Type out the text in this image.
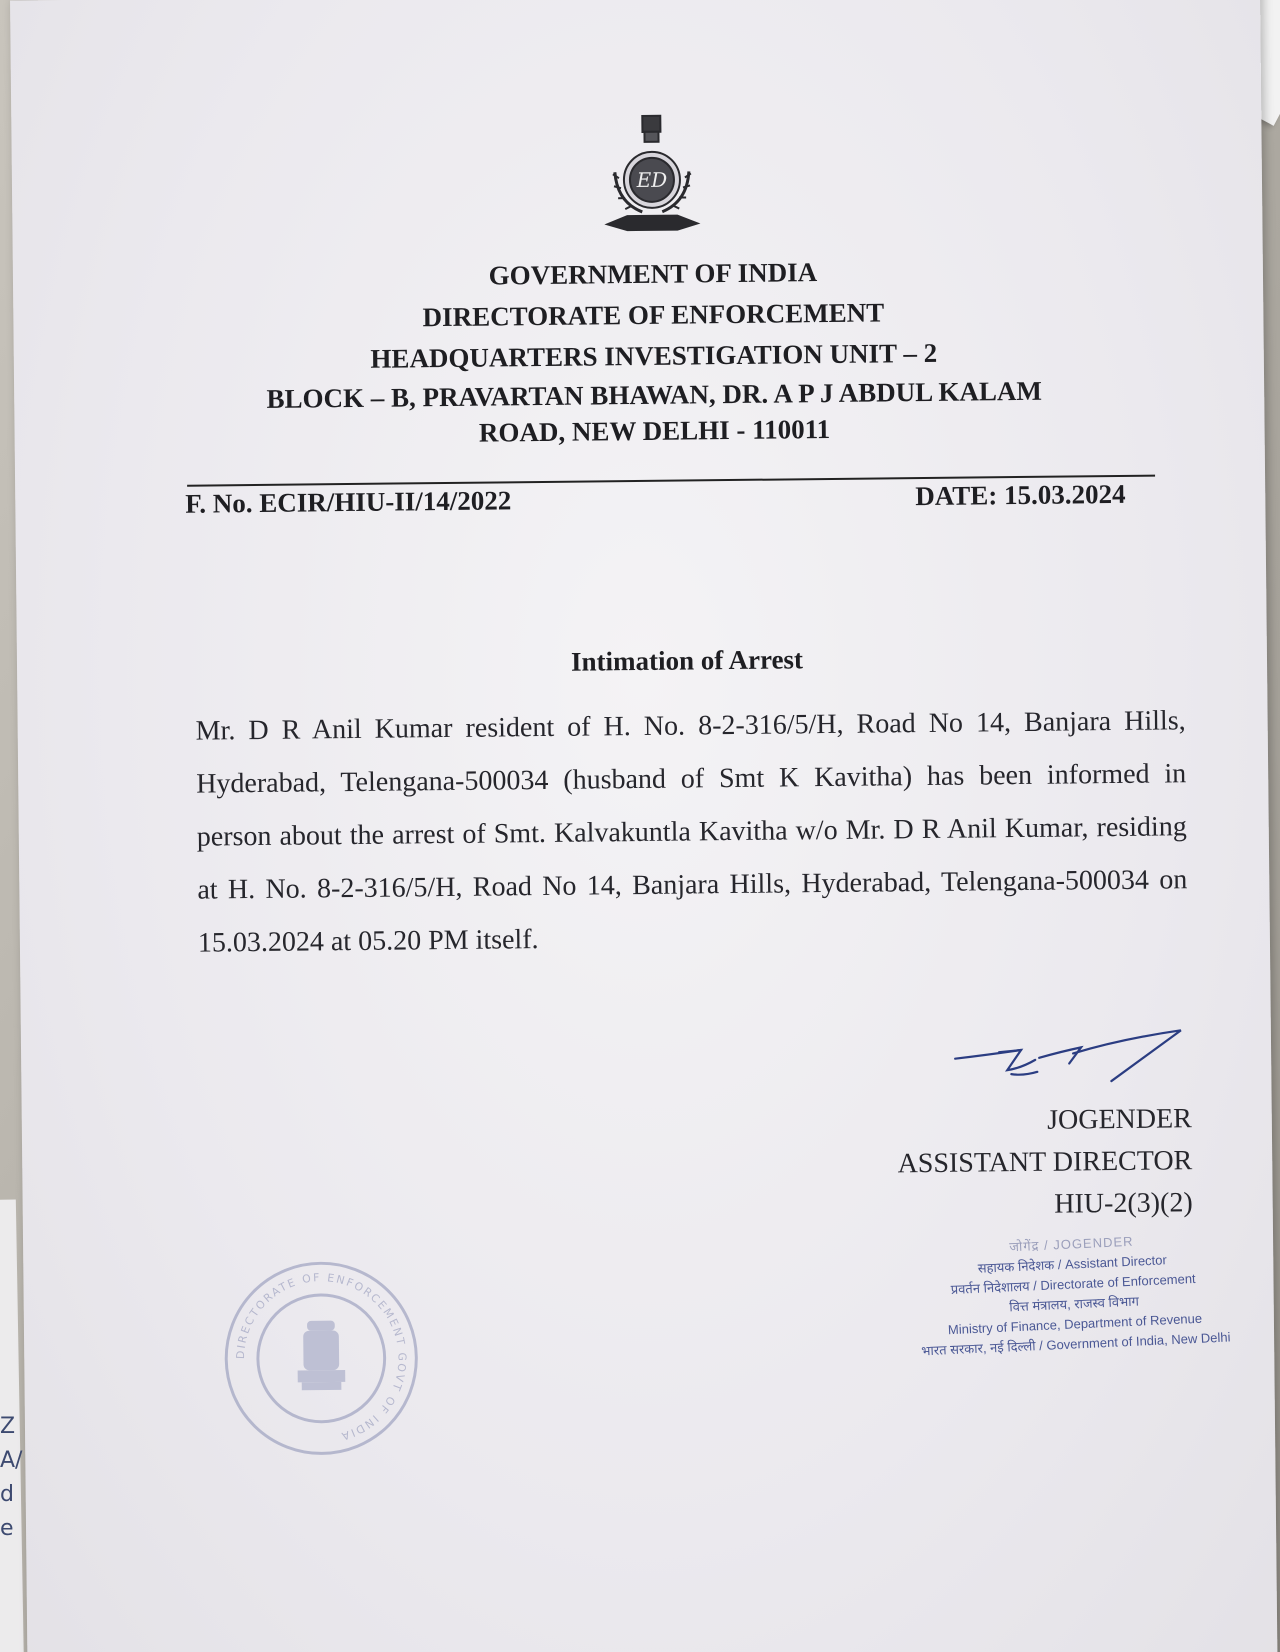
Z
A/
d
e
ED
GOVERNMENT OF INDIA
DIRECTORATE OF ENFORCEMENT
HEADQUARTERS INVESTIGATION UNIT – 2
BLOCK – B, PRAVARTAN BHAWAN, DR. A P J ABDUL KALAM
ROAD, NEW DELHI - 110011
F. No. ECIR/HIU-II/14/2022	DATE: 15.03.2024
Intimation of Arrest
Mr. D R Anil Kumar resident of H. No. 8-2-316/5/H, Road No 14, Banjara Hills, Hyderabad, Telengana-500034 (husband of Smt K Kavitha) has been informed in person about the arrest of Smt. Kalvakuntla Kavitha w/o Mr. D R Anil Kumar, residing at H. No. 8-2-316/5/H, Road No 14, Banjara Hills, Hyderabad, Telengana-500034 on 15.03.2024 at 05.20 PM itself.
JOGENDER
ASSISTANT DIRECTOR
HIU-2(3)(2)
जोगेंद्र / JOGENDER
सहायक निदेशक / Assistant Director
प्रवर्तन निदेशालय / Directorate of Enforcement
वित्त मंत्रालय, राजस्व विभाग
Ministry of Finance, Department of Revenue
भारत सरकार, नई दिल्ली / Government of India, New Delhi
DIRECTORATE OF ENFORCEMENT GOVT OF INDIA
